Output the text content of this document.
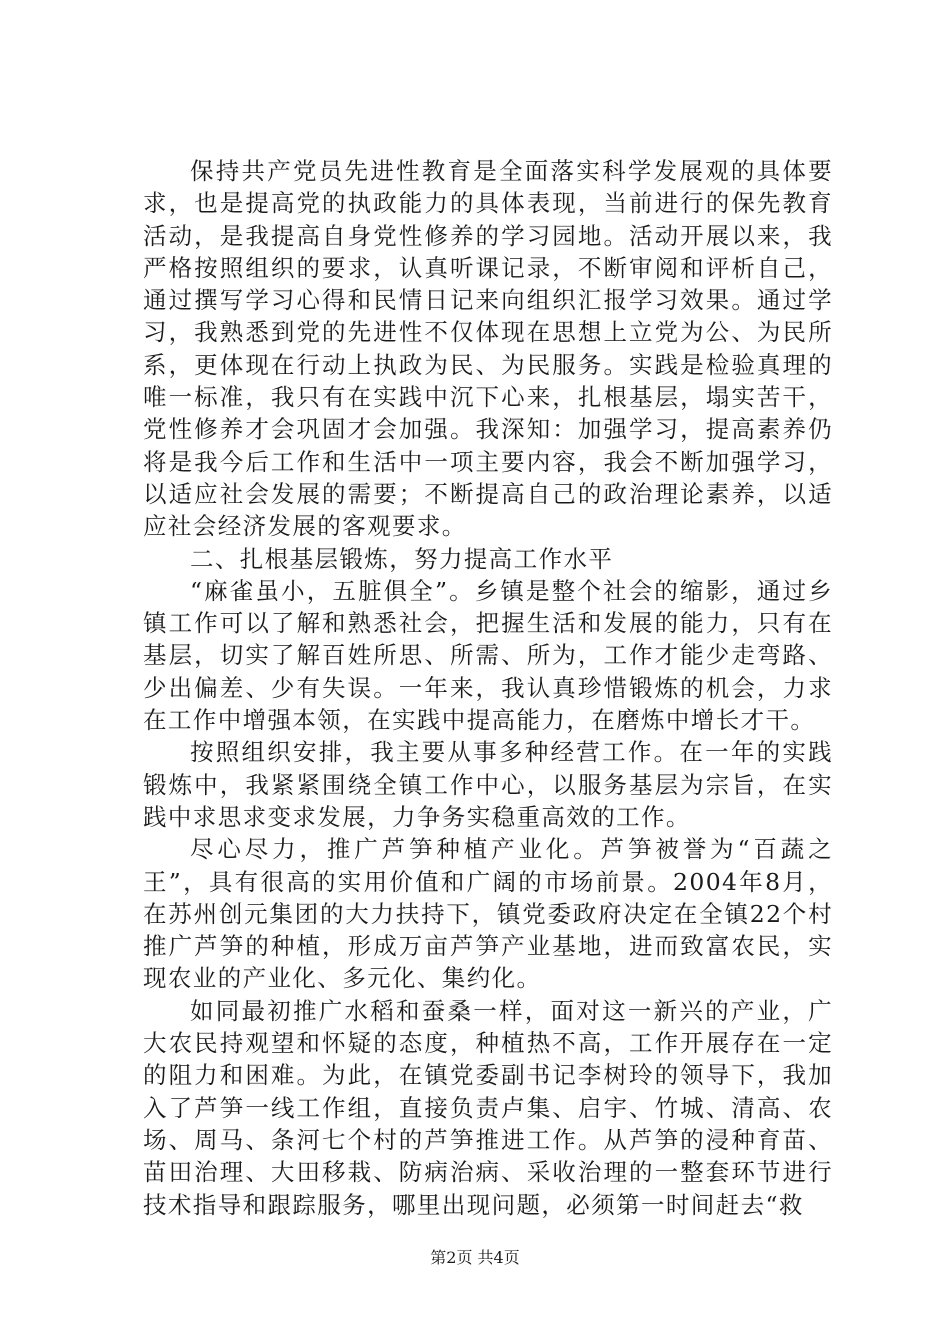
保持共产党员先进性教育是全面落实科学发展观的具体要求，也是提高党的执政能力的具体表现，当前进行的保先教育活动，是我提高自身党性修养的学习园地。活动开展以来，我严格按照组织的要求，认真听课记录，不断审阅和评析自己，通过撰写学习心得和民情日记来向组织汇报学习效果。通过学习，我熟悉到党的先进性不仅体现在思想上立党为公、为民所系，更体现在行动上执政为民、为民服务。实践是检验真理的唯一标准，我只有在实践中沉下心来，扎根基层，塌实苦干，党性修养才会巩固才会加强。我深知：加强学习，提高素养仍将是我今后工作和生活中一项主要内容，我会不断加强学习，以适应社会发展的需要；不断提高自己的政治理论素养，以适应社会经济发展的客观要求。

二、扎根基层锻炼，努力提高工作水平

“麻雀虽小，五脏俱全”。乡镇是整个社会的缩影，通过乡镇工作可以了解和熟悉社会，把握生活和发展的能力，只有在基层，切实了解百姓所思、所需、所为，工作才能少走弯路、少出偏差、少有失误。一年来，我认真珍惜锻炼的机会，力求在工作中增强本领，在实践中提高能力，在磨炼中增长才干。

按照组织安排，我主要从事多种经营工作。在一年的实践锻炼中，我紧紧围绕全镇工作中心，以服务基层为宗旨，在实践中求思求变求发展，力争务实稳重高效的工作。

尽心尽力，推广芦笋种植产业化。芦笋被誉为“百蔬之王”，具有很高的实用价值和广阔的市场前景。2004年8月，在苏州创元集团的大力扶持下，镇党委政府决定在全镇22个村推广芦笋的种植，形成万亩芦笋产业基地，进而致富农民，实现农业的产业化、多元化、集约化。

如同最初推广水稻和蚕桑一样，面对这一新兴的产业，广大农民持观望和怀疑的态度，种植热不高，工作开展存在一定的阻力和困难。为此，在镇党委副书记李树玲的领导下，我加入了芦笋一线工作组，直接负责卢集、启宇、竹城、清高、农场、周马、条河七个村的芦笋推进工作。从芦笋的浸种育苗、苗田治理、大田移栽、防病治病、采收治理的一整套环节进行技术指导和跟踪服务，哪里出现问题，必须第一时间赶去“救

第2页 共4页
